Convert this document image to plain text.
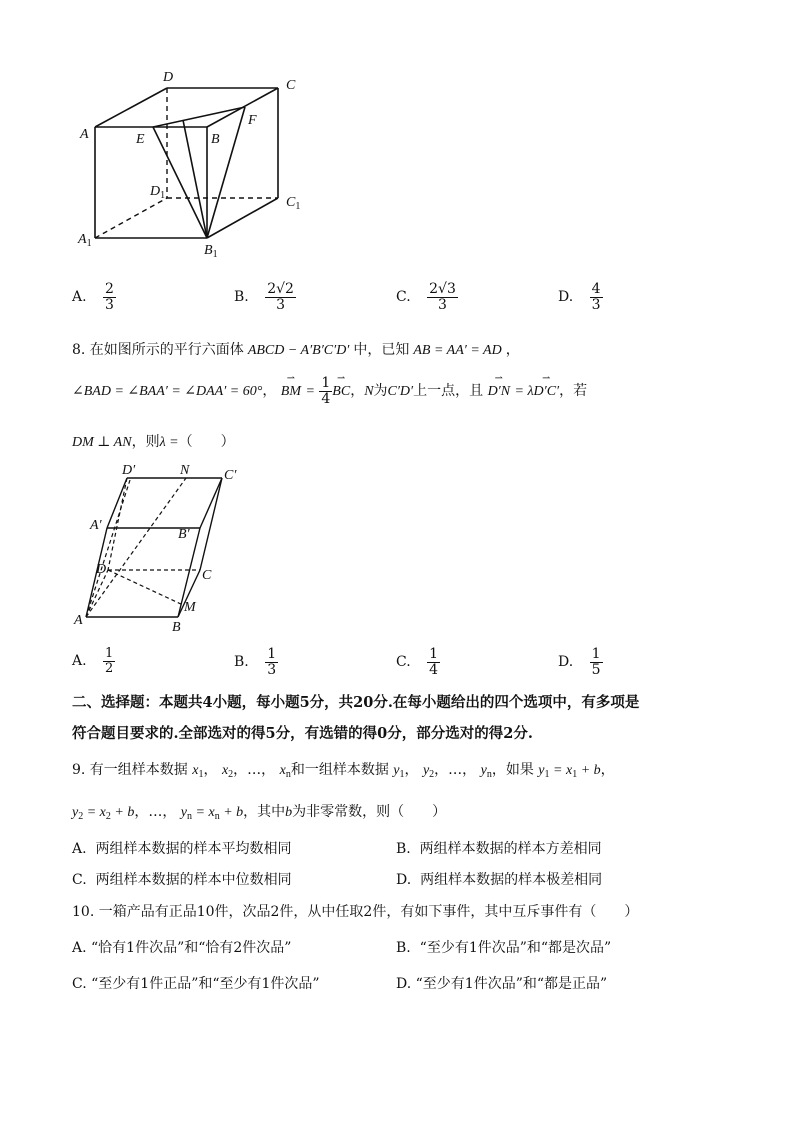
D
C
A	E	B
F
$D_1$	$C_1$
$A_1$	$B_1$
A. $\frac{2}{3}$	B. $\frac{2√2}{3}$	C. $\frac{2√3}{3}$	D. $\frac{4}{3}$
8. 在如图所示的平行六面体 ABCD − A′B′C′D′ 中，已知 AB = AA′ = AD ，
∠BAD = ∠BAA′ = ∠DAA′ = 60°， ⇀ BM = $\frac{1}{4}$ ⇀ BC，N为C′D′上一点，且 ⇀ D′N = λ⇀ D′C′，若
DM ⊥ AN，则λ =（　　）
D′	N C′
A′
B′
D	C
M
A	B
A. $\frac{1}{2}$	B. $\frac{1}{3}$	C. $\frac{1}{4}$	D. $\frac{1}{5}$
二、选择题：本题共4小题，每小题5分，共20分.在每小题给出的四个选项中，有多项是
符合题目要求的.全部选对的得5分，有选错的得0分，部分选对的得2分.
9. 有一组样本数据 $x_1$， $x_2$，…， $x_n$和一组样本数据 $y_1$， $y_2$，…， $y_n$，如果 $y_1 = x_1 + b$，
$y_2 = x_2 + b$，…， $y_n = x_n + b$，其中b为非零常数，则（　　）
A. 两组样本数据的样本平均数相同	B. 两组样本数据的样本方差相同
C. 两组样本数据的样本中位数相同	D. 两组样本数据的样本极差相同
10. 一箱产品有正品10件，次品2件，从中任取2件，有如下事件，其中互斥事件有（　　）
A. “恰有1件次品”和“恰有2件次品”	B. “至少有1件次品”和“都是次品”
C. “至少有1件正品”和“至少有1件次品”	D. “至少有1件次品”和“都是正品”
